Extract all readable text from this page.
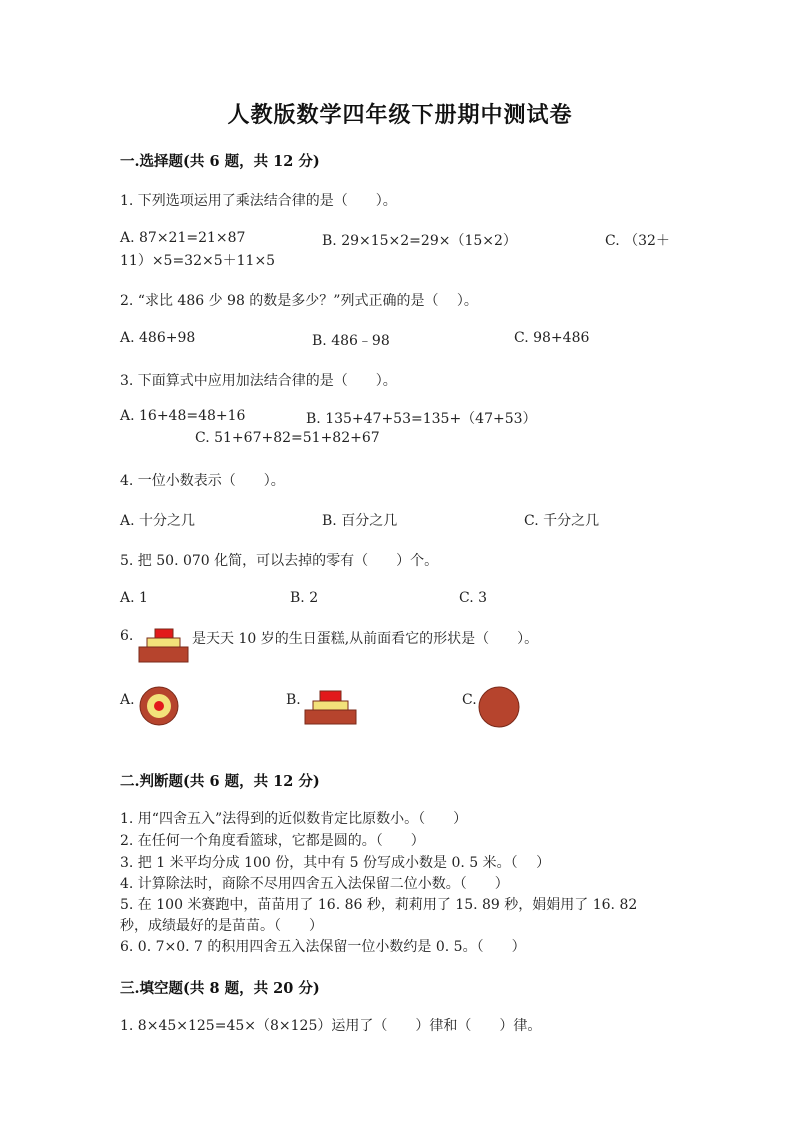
人教版数学四年级下册期中测试卷
一.选择题(共 6 题，共 12 分)
1. 下列选项运用了乘法结合律的是（　　）。
A. 87×21=21×87	B. 29×15×2=29×（15×2）	C. （32＋
11）×5=32×5＋11×5
2. “求比 486 少 98 的数是多少？”列式正确的是（　 ）。
A. 486+98	B. 486﹣98	C. 98+486
3. 下面算式中应用加法结合律的是（　　）。
A. 16+48=48+16	B. 135+47+53=135+（47+53）
C. 51+67+82=51+82+67
4. 一位小数表示（　　）。
A. 十分之几	B. 百分之几	C. 千分之几
5. 把 50. 070 化简，可以去掉的零有（　　）个。
A. 1	B. 2	C. 3
6.	是天天 10 岁的生日蛋糕,从前面看它的形状是（　　）。
A.	B.	C.
二.判断题(共 6 题，共 12 分)
1. 用“四舍五入”法得到的近似数肯定比原数小。（　　）
2. 在任何一个角度看篮球，它都是圆的。（　　）
3. 把 1 米平均分成 100 份，其中有 5 份写成小数是 0. 5 米。（　 ）
4. 计算除法时，商除不尽用四舍五入法保留二位小数。（　　）
5. 在 100 米赛跑中，苗苗用了 16. 86 秒，莉莉用了 15. 89 秒，娟娟用了 16. 82
秒，成绩最好的是苗苗。（　　）
6. 0. 7×0. 7 的积用四舍五入法保留一位小数约是 0. 5。（　　）
三.填空题(共 8 题，共 20 分)
1. 8×45×125=45×（8×125）运用了（　　）律和（　　）律。
